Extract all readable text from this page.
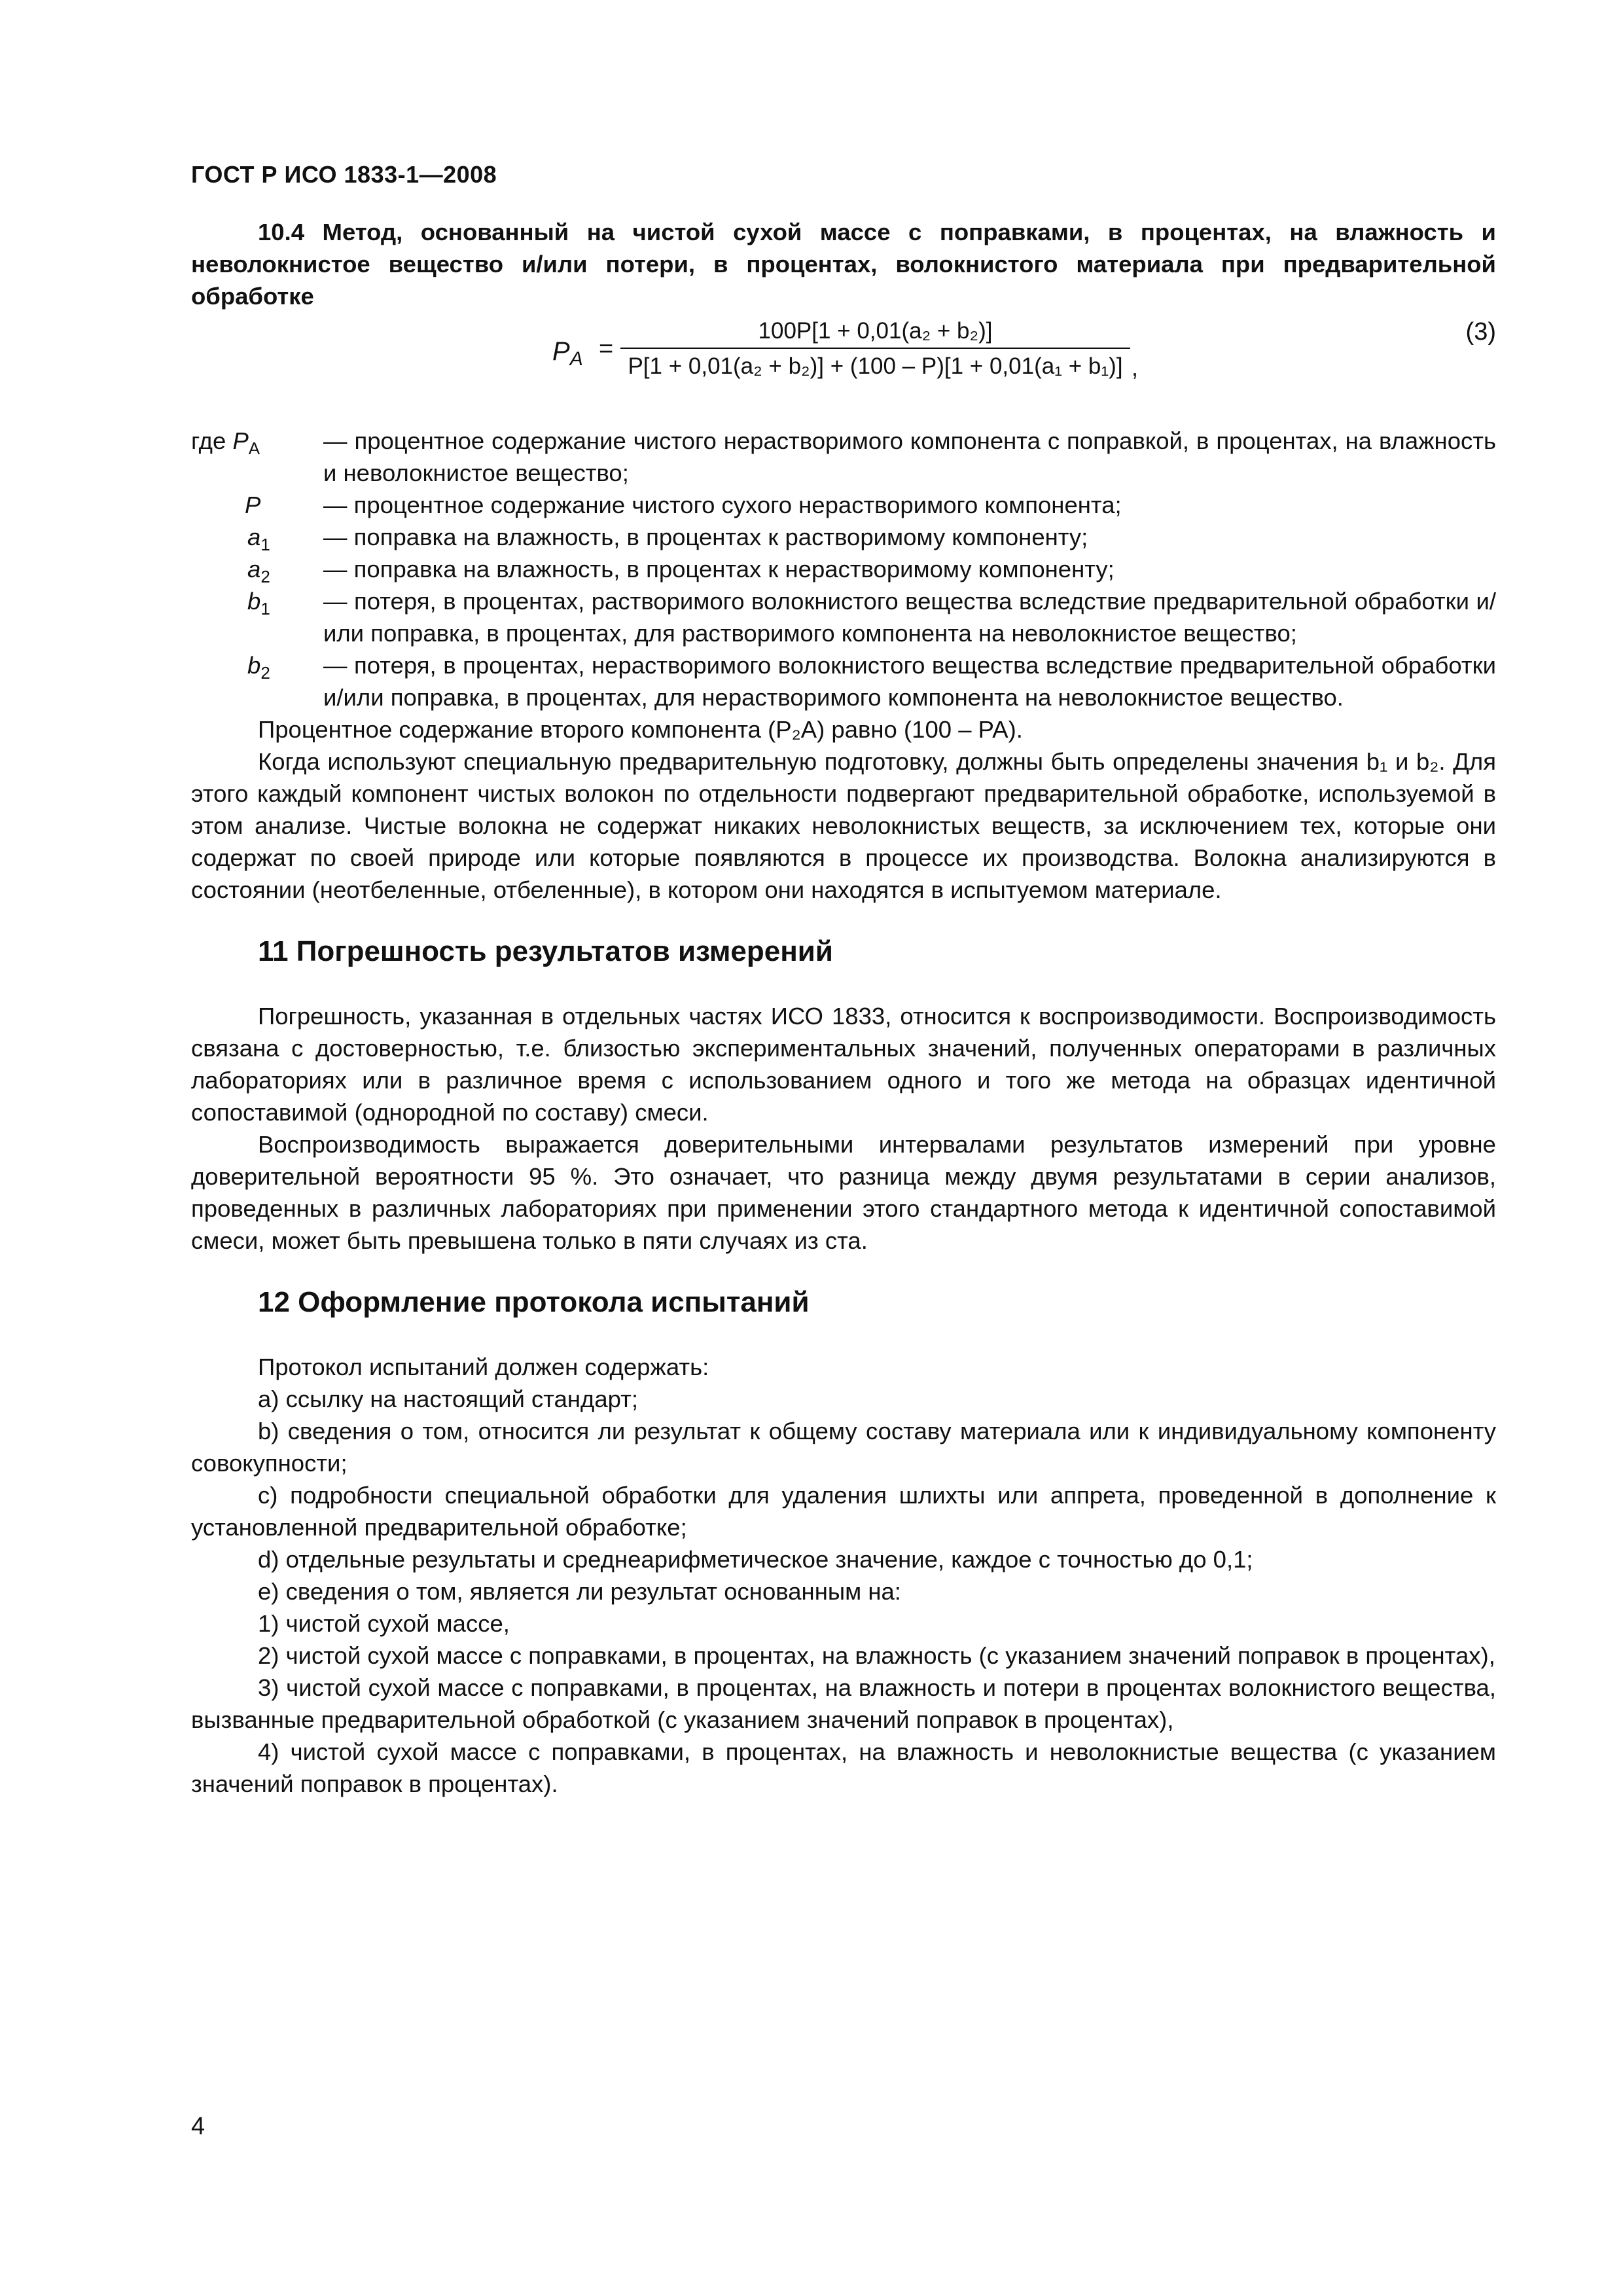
ГОСТ Р ИСО 1833-1—2008

10.4 Метод, основанный на чистой сухой массе с поправками, в процентах, на влажность и неволокнистое вещество и/или потери, в процентах, волокнистого материала при предварительной обработке

$P_A = \frac{\text{100P[1 + 0,01(a₂ + b₂)]}}{\text{P[1 + 0,01(a₂ + b₂)] + (100 – P)[1 + 0,01(a₁ + b₁)]}}$ ,
(3)

где $P_A$	— процентное содержание чистого нерастворимого компонента с поправкой, в процентах, на влажность и неволокнистое вещество;

P	— процентное содержание чистого сухого нерастворимого компонента;

$a_1$ — поправка на влажность, в процентах к растворимому компоненту;

$a_2$ — поправка на влажность, в процентах к нерастворимому компоненту;

$b_1$ — потеря, в процентах, растворимого волокнистого вещества вследствие предварительной обработки и/или поправка, в процентах, для растворимого компонента на неволокнистое вещество;

$b_2$ — потеря, в процентах, нерастворимого волокнистого вещества вследствие предварительной обработки и/или поправка, в процентах, для нерастворимого компонента на неволокнистое вещество.

Процентное содержание второго компонента (P₂A) равно (100 – PA).

Когда используют специальную предварительную подготовку, должны быть определены значения b₁ и b₂. Для этого каждый компонент чистых волокон по отдельности подвергают предварительной обработке, используемой в этом анализе. Чистые волокна не содержат никаких неволокнистых веществ, за исключением тех, которые они содержат по своей природе или которые появляются в процессе их производства. Волокна анализируются в состоянии (неотбеленные, отбеленные), в котором они находятся в испытуемом материале.

11 Погрешность результатов измерений

Погрешность, указанная в отдельных частях ИСО 1833, относится к воспроизводимости. Воспроизводимость связана с достоверностью, т.е. близостью экспериментальных значений, полученных операторами в различных лабораториях или в различное время с использованием одного и того же метода на образцах идентичной сопоставимой (однородной по составу) смеси.

Воспроизводимость выражается доверительными интервалами результатов измерений при уровне доверительной вероятности 95 %. Это означает, что разница между двумя результатами в серии анализов, проведенных в различных лабораториях при применении этого стандартного метода к идентичной сопоставимой смеси, может быть превышена только в пяти случаях из ста.

12 Оформление протокола испытаний

Протокол испытаний должен содержать:

a) ссылку на настоящий стандарт;

b) сведения о том, относится ли результат к общему составу материала или к индивидуальному компоненту совокупности;

c) подробности специальной обработки для удаления шлихты или аппрета, проведенной в дополнение к установленной предварительной обработке;

d) отдельные результаты и среднеарифметическое значение, каждое с точностью до 0,1;

e) сведения о том, является ли результат основанным на:

1) чистой сухой массе,

2) чистой сухой массе с поправками, в процентах, на влажность (с указанием значений поправок в процентах),

3) чистой сухой массе с поправками, в процентах, на влажность и потери в процентах волокнистого вещества, вызванные предварительной обработкой (с указанием значений поправок в процентах),

4) чистой сухой массе с поправками, в процентах, на влажность и неволокнистые вещества (с указанием значений поправок в процентах).

4
